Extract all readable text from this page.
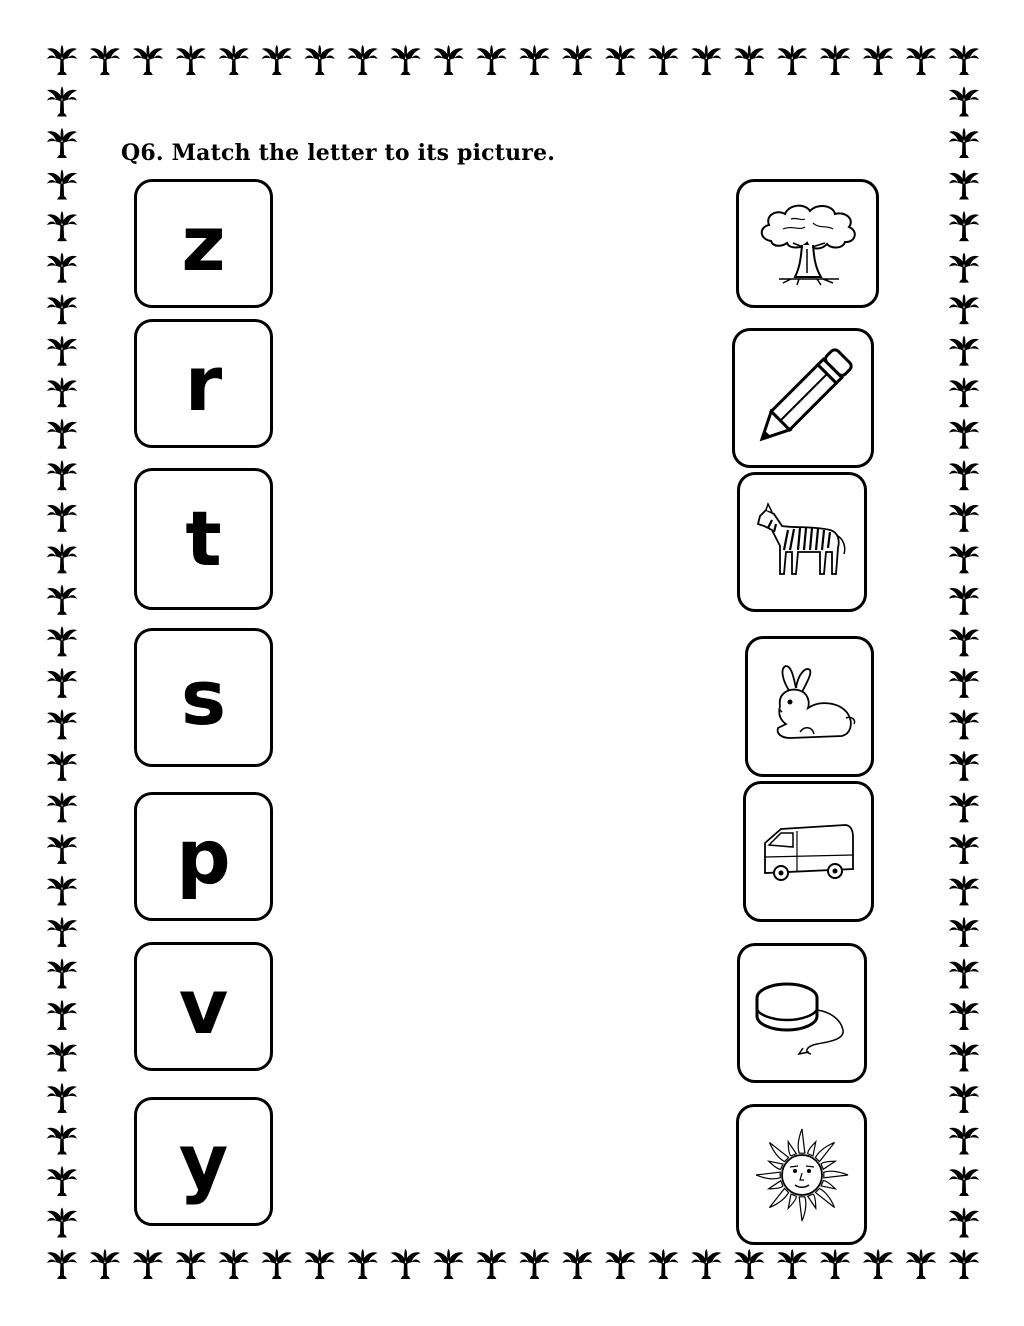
Q6. Match the letter to its picture.
z
r
t
s
p
v
y
